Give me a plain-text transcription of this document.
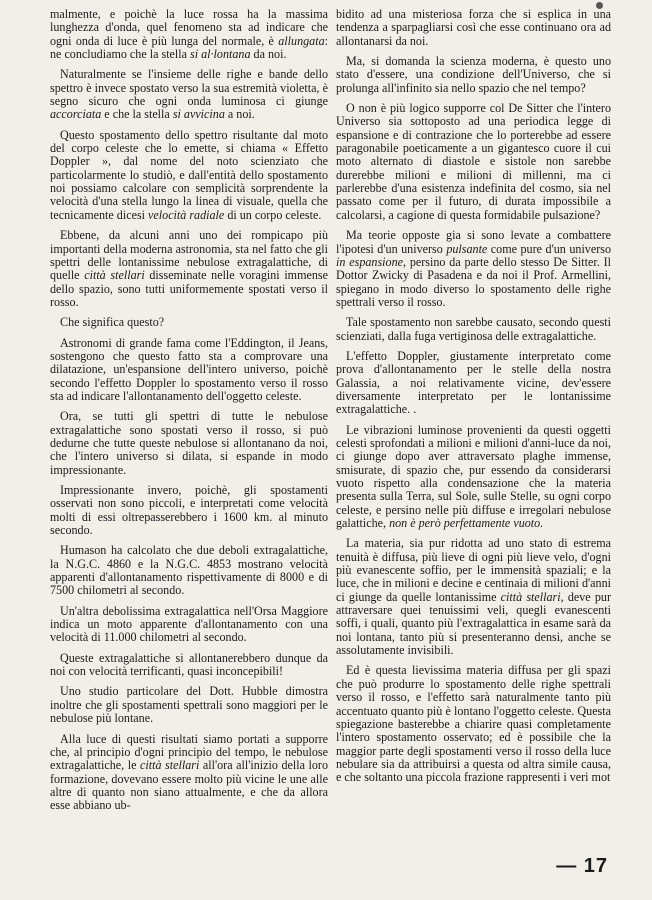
malmente, e poichè la luce rossa ha la massima lunghezza d'onda, quel fenomeno sta ad indicare che ogni onda di luce è più lunga del normale, è allungata: ne concludiamo che la stella si al·lontana da noi.

Naturalmente se l'insieme delle righe e bande dello spettro è invece spostato verso la sua estremità violetta, è segno sicuro che ogni onda luminosa ci giunge accorciata e che la stella si avvicina a noi.

Questo spostamento dello spettro risultante dal moto del corpo celeste che lo emette, si chiama « Effetto Doppler », dal nome del noto scienziato che particolarmente lo studiò, e dall'entità dello spostamento noi possiamo calcolare con semplicità sorprendente la velocità d'una stella lungo la linea di visuale, quella che tecnicamente dicesi velocità radiale di un corpo celeste.

Ebbene, da alcuni anni uno dei rompicapo più importanti della moderna astronomia, sta nel fatto che gli spettri delle lontanissime nebulose extragalattiche, di quelle città stellari disseminate nelle voragini immense dello spazio, sono tutti uniformemente spostati verso il rosso.

Che significa questo?

Astronomi di grande fama come l'Eddington, il Jeans, sostengono che questo fatto sta a comprovare una dilatazione, un'espansione dell'intero universo, poichè secondo l'effetto Doppler lo spostamento verso il rosso sta ad indicare l'allontanamento dell'oggetto celeste.

Ora, se tutti gli spettri di tutte le nebulose extragalattiche sono spostati verso il rosso, si può dedurne che tutte queste nebulose si allontanano da noi, che l'intero universo si dilata, si espande in modo impressionante.

Impressionante invero, poichè, gli spostamenti osservati non sono piccoli, e interpretati come velocità molti di essi oltrepasserebbero i 1600 km. al minuto secondo.

Humason ha calcolato che due deboli extragalattiche, la N.G.C. 4860 e la N.G.C. 4853 mostrano velocità apparenti d'allontanamento rispettivamente di 8000 e di 7500 chilometri al secondo.

Un'altra debolissima extragalattica nell'Orsa Maggiore indica un moto apparente d'allontanamento con una velocità di 11.000 chilometri al secondo.

Queste extragalattiche si allontanerebbero dunque da noi con velocità terrificanti, quasi inconcepibili!

Uno studio particolare del Dott. Hubble dimostra inoltre che gli spostamenti spettrali sono maggiori per le nebulose più lontane.

Alla luce di questi risultati siamo portati a supporre che, al principio d'ogni principio del tempo, le nebulose extragalattiche, le città stellari all'ora all'inizio della loro formazione, dovevano essere molto più vicine le une alle altre di quanto non siano attualmente, e che da allora esse abbiano ub-

bidito ad una misteriosa forza che si esplica in una tendenza a sparpagliarsi così che esse continuano ora ad allontanarsi da noi.

Ma, si domanda la scienza moderna, è questo uno stato d'essere, una condizione dell'Universo, che si prolunga all'infinito sia nello spazio che nel tempo?

O non è più logico supporre col De Sitter che l'intero Universo sia sottoposto ad una periodica legge di espansione e di contrazione che lo porterebbe ad essere paragonabile poeticamente a un gigantesco cuore il cui moto alternato di diastole e sistole non sarebbe durerebbe milioni e milioni di millenni, ma ci parlerebbe d'una esistenza indefinita del cosmo, sia nel passato come per il futuro, di durata impossibile a calcolarsi, a cagione di questa formidabile pulsazione?

Ma teorie opposte gia si sono levate a combattere l'ipotesi d'un universo pulsante come pure d'un universo in espansione, persino da parte dello stesso De Sitter. Il Dottor Zwicky di Pasadena e da noi il Prof. Armellini, spiegano in modo diverso lo spostamento delle righe spettrali verso il rosso.

Tale spostamento non sarebbe causato, secondo questi scienziati, dalla fuga vertiginosa delle extragalattiche.

L'effetto Doppler, giustamente interpretato come prova d'allontanamento per le stelle della nostra Galassia, a noi relativamente vicine, dev'essere diversamente interpretato per le lontanissime extragalattiche. .

Le vibrazioni luminose provenienti da questi oggetti celesti sprofondati a milioni e milioni d'anni-luce da noi, ci giunge dopo aver attraversato plaghe immense, smisurate, di spazio che, pur essendo da considerarsi vuoto rispetto alla condensazione che la materia presenta sulla Terra, sul Sole, sulle Stelle, su ogni corpo celeste, e persino nelle più diffuse e irregolari nebulose galattiche, non è però perfettamente vuoto.

La materia, sia pur ridotta ad uno stato di estrema tenuità è diffusa, più lieve di ogni più lieve velo, d'ogni più evanescente soffio, per le immensità spaziali; e la luce, che in milioni e decine e centinaia di milioni d'anni ci giunge da quelle lontanissime città stellari, deve pur attraversare quei tenuissimi veli, quegli evanescenti soffi, i quali, quanto più l'extragalattica in esame sarà da noi lontana, tanto più si presenteranno densi, anche se assolutamente invisibili.

Ed è questa lievissima materia diffusa per gli spazi che può produrre lo spostamento delle righe spettrali verso il rosso, e l'effetto sarà naturalmente tanto più accentuato quanto più è lontano l'oggetto celeste. Questa spiegazione basterebbe a chiarire quasi completamente l'intero spostamento osservato; ed è possibile che la maggior parte degli spostamenti verso il rosso della luce nebulare sia da attribuirsi a questa od altra simile causa, e che soltanto una piccola frazione rappresenti i veri mot

— 17
